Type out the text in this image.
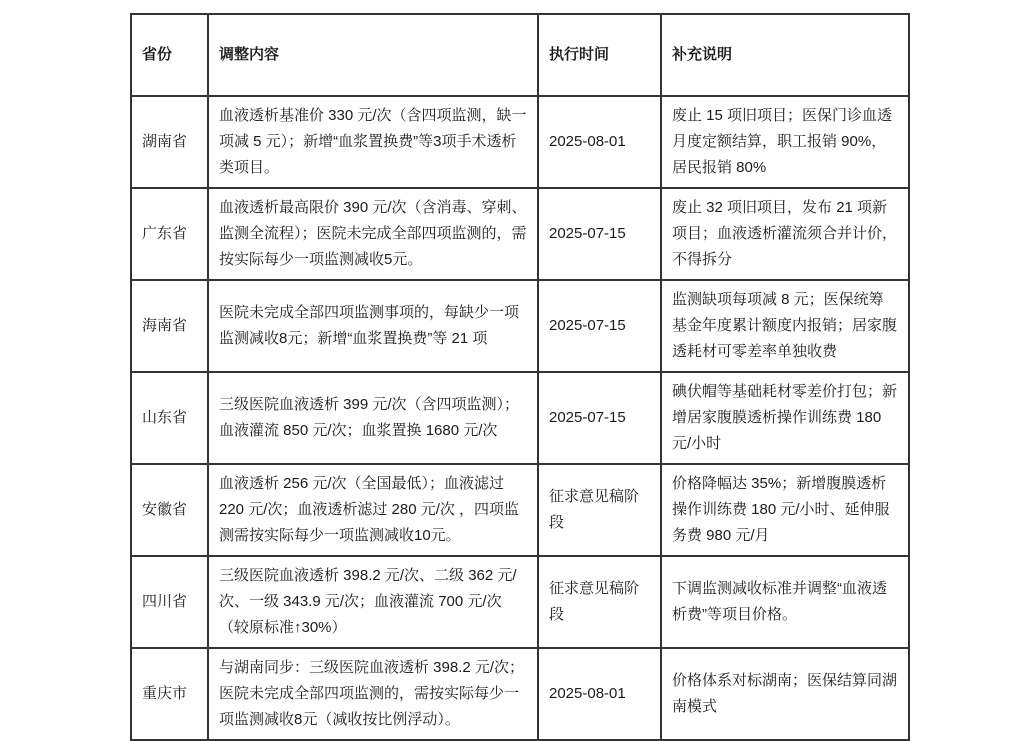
省份	调整内容	执行时间	补充说明
湖南省	血液透析基准价 330 元/次（含四项监测，缺一项减 5 元）；新增“血浆置换费”等3项手术透析类项目。	2025-08-01	废止 15 项旧项目；医保门诊血透月度定额结算，职工报销 90%，居民报销 80%
广东省	血液透析最高限价 390 元/次（含消毒、穿刺、监测全流程）；医院未完成全部四项监测的，需按实际每少一项监测减收5元。	2025-07-15	废止 32 项旧项目，发布 21 项新项目；血液透析灌流须合并计价，不得拆分
海南省	医院未完成全部四项监测事项的，每缺少一项监测减收8元；新增“血浆置换费”等 21 项	2025-07-15	监测缺项每项减 8 元；医保统筹基金年度累计额度内报销；居家腹透耗材可零差率单独收费
山东省	三级医院血液透析 399 元/次（含四项监测）；血液灌流 850 元/次；血浆置换 1680 元/次	2025-07-15	碘伏帽等基础耗材零差价打包；新增居家腹膜透析操作训练费 180 元/小时
安徽省	血液透析 256 元/次（全国最低）；血液滤过 220 元/次；血液透析滤过 280 元/次 ，四项监测需按实际每少一项监测减收10元。	征求意见稿阶段	价格降幅达 35%；新增腹膜透析操作训练费 180 元/小时、延伸服务费 980 元/月
四川省	三级医院血液透析 398.2 元/次、二级 362 元/次、一级 343.9 元/次；血液灌流 700 元/次（较原标准↑30%）	征求意见稿阶段	下调监测减收标准并调整“血液透析费”等项目价格。
重庆市	与湖南同步：三级医院血液透析 398.2 元/次；医院未完成全部四项监测的，需按实际每少一项监测减收8元（减收按比例浮动）。	2025-08-01	价格体系对标湖南；医保结算同湖南模式
